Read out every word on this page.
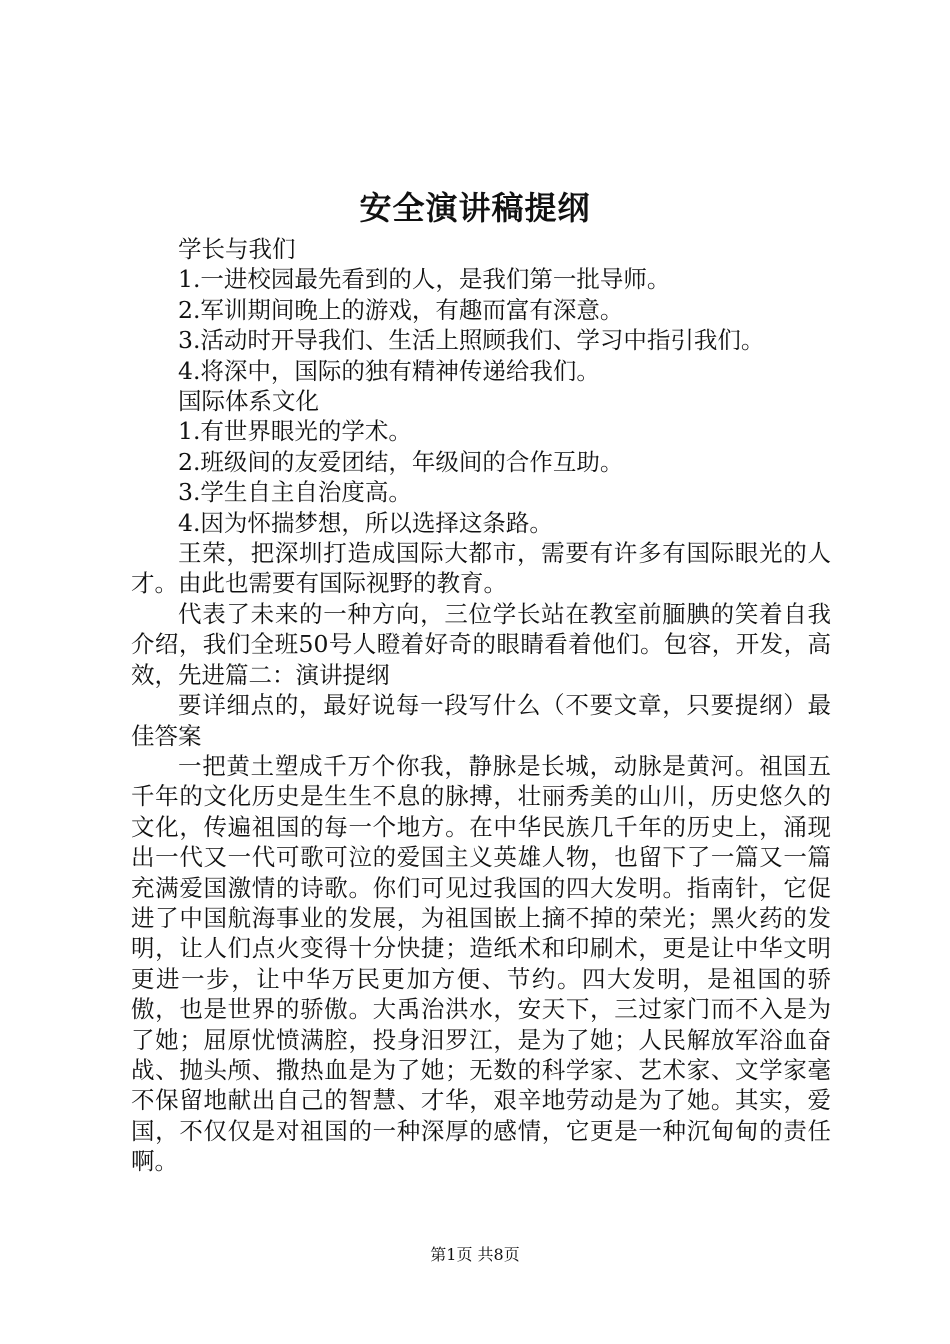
安全演讲稿提纲

学长与我们

1.一进校园最先看到的人，是我们第一批导师。

2.军训期间晚上的游戏，有趣而富有深意。

3.活动时开导我们、生活上照顾我们、学习中指引我们。

4.将深中，国际的独有精神传递给我们。

国际体系文化

1.有世界眼光的学术。

2.班级间的友爱团结，年级间的合作互助。

3.学生自主自治度高。

4.因为怀揣梦想，所以选择这条路。

王荣，把深圳打造成国际大都市，需要有许多有国际眼光的人才。由此也需要有国际视野的教育。

代表了未来的一种方向，三位学长站在教室前腼腆的笑着自我介绍，我们全班50号人瞪着好奇的眼睛看着他们。包容，开发，高效，先进篇二：演讲提纲

要详细点的，最好说每一段写什么（不要文章，只要提纲）最佳答案

一把黄土塑成千万个你我，静脉是长城，动脉是黄河。祖国五千年的文化历史是生生不息的脉搏，壮丽秀美的山川，历史悠久的文化，传遍祖国的每一个地方。在中华民族几千年的历史上，涌现出一代又一代可歌可泣的爱国主义英雄人物，也留下了一篇又一篇充满爱国激情的诗歌。你们可见过我国的四大发明。指南针，它促进了中国航海事业的发展，为祖国嵌上摘不掉的荣光；黑火药的发明，让人们点火变得十分快捷；造纸术和印刷术，更是让中华文明更进一步，让中华万民更加方便、节约。四大发明，是祖国的骄傲，也是世界的骄傲。大禹治洪水，安天下，三过家门而不入是为了她；屈原忧愤满腔，投身汨罗江，是为了她；人民解放军浴血奋战、抛头颅、撒热血是为了她；无数的科学家、艺术家、文学家毫不保留地献出自己的智慧、才华，艰辛地劳动是为了她。其实，爱国，不仅仅是对祖国的一种深厚的感情，它更是一种沉甸甸的责任啊。

第1页 共8页
